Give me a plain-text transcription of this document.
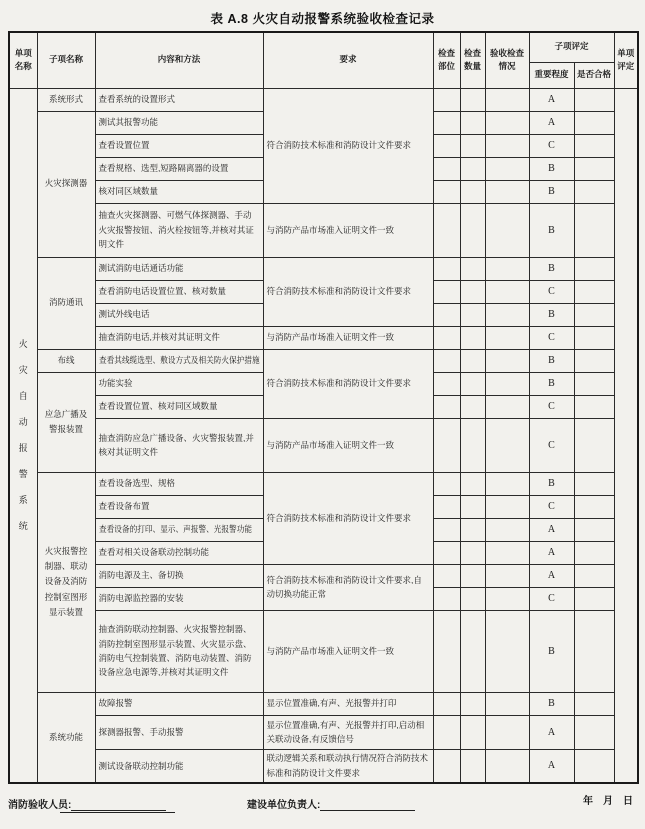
表 A.8 火灾自动报警系统验收检查记录
单项名称	子项名称	内容和方法	要求	检查部位	检查数量	验收检查情况	子项评定		单项评定
							重要程度	是否合格	
火灾自动报警系统	系统形式	查看系统的设置形式	符合消防技术标准和消防设计文件要求				A		
	火灾探测器	测试其报警功能					A		
		查看设置位置					C		
		查看规格、选型,短路隔离器的设置					B		
		核对同区域数量					B		
		抽查火灾探测器、可燃气体探测器、手动火灾报警按钮、消火栓按钮等,并核对其证明文件	与消防产品市场准入证明文件一致				B		
	消防通讯	测试消防电话通话功能	符合消防技术标准和消防设计文件要求				B		
		查看消防电话设置位置、核对数量					C		
		测试外线电话					B		
		抽查消防电话,并核对其证明文件	与消防产品市场准入证明文件一致				C		
	布线	查看其线缆选型、敷设方式及相关防火保护措施	符合消防技术标准和消防设计文件要求				B		
	应急广播及警报装置	功能实验					B		
		查看设置位置、核对同区域数量					C		
		抽查消防应急广播设备、火灾警报装置,并核对其证明文件	与消防产品市场准入证明文件一致				C		
	火灾报警控制器、联动设备及消防控制室图形显示装置	查看设备选型、规格	符合消防技术标准和消防设计文件要求				B		
		查看设备布置					C		
		查看设备的打印、显示、声报警、光报警功能					A		
		查看对相关设备联动控制功能					A		
		消防电源及主、备切换	符合消防技术标准和消防设计文件要求,自动切换功能正常				A		
		消防电源监控器的安装					C		
		抽查消防联动控制器、火灾报警控制器、消防控制室图形显示装置、火灾显示盘、消防电气控制装置、消防电动装置、消防设备应急电源等,并核对其证明文件	与消防产品市场准入证明文件一致				B		
	系统功能	故障报警	显示位置准确,有声、光报警并打印				B		
		探测器报警、手动报警	显示位置准确,有声、光报警并打印,启动相关联动设备,有反馈信号				A		
		测试设备联动控制功能	联动逻辑关系和联动执行情况符合消防技术标准和消防设计文件要求				A		
消防验收人员:	建设单位负责人:	年　月　日
